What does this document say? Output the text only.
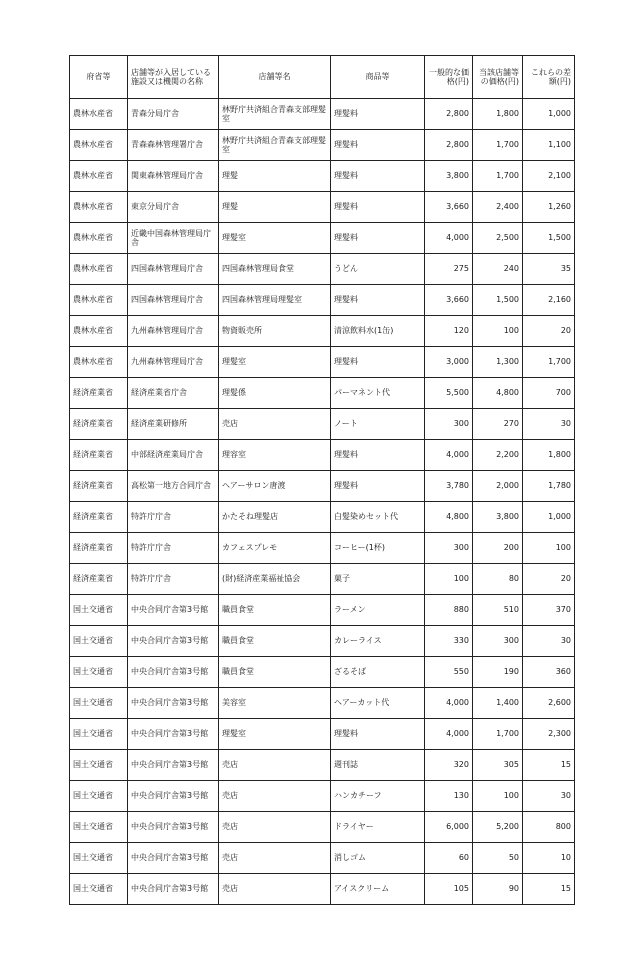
府省等	店舗等が入居している施設又は機関の名称	店舗等名	商品等	一般的な価格(円)	当該店舗等の価格(円)	これらの差額(円)
農林水産省	青森分局庁舎	林野庁共済組合青森支部理髪室	理髪料	2,800	1,800	1,000
農林水産省	青森森林管理署庁舎	林野庁共済組合青森支部理髪室	理髪料	2,800	1,700	1,100
農林水産省	関東森林管理局庁舎	理髪	理髪料	3,800	1,700	2,100
農林水産省	東京分局庁舎	理髪	理髪料	3,660	2,400	1,260
農林水産省	近畿中国森林管理局庁舎	理髪室	理髪料	4,000	2,500	1,500
農林水産省	四国森林管理局庁舎	四国森林管理局食堂	うどん	275	240	35
農林水産省	四国森林管理局庁舎	四国森林管理局理髪室	理髪料	3,660	1,500	2,160
農林水産省	九州森林管理局庁舎	物資販売所	清涼飲料水(1缶)	120	100	20
農林水産省	九州森林管理局庁舎	理髪室	理髪料	3,000	1,300	1,700
経済産業省	経済産業省庁舎	理髪係	パーマネント代	5,500	4,800	700
経済産業省	経済産業研修所	売店	ノート	300	270	30
経済産業省	中部経済産業局庁舎	理容室	理髪料	4,000	2,200	1,800
経済産業省	高松第一地方合同庁舎	ヘアーサロン唐渡	理髪料	3,780	2,000	1,780
経済産業省	特許庁庁舎	かたそね理髪店	白髪染めセット代	4,800	3,800	1,000
経済産業省	特許庁庁舎	カフェスプレモ	コーヒー(1杯)	300	200	100
経済産業省	特許庁庁舎	(財)経済産業福祉協会	菓子	100	80	20
国土交通省	中央合同庁舎第3号館	職員食堂	ラーメン	880	510	370
国土交通省	中央合同庁舎第3号館	職員食堂	カレーライス	330	300	30
国土交通省	中央合同庁舎第3号館	職員食堂	ざるそば	550	190	360
国土交通省	中央合同庁舎第3号館	美容室	ヘアーカット代	4,000	1,400	2,600
国土交通省	中央合同庁舎第3号館	理髪室	理髪料	4,000	1,700	2,300
国土交通省	中央合同庁舎第3号館	売店	週刊誌	320	305	15
国土交通省	中央合同庁舎第3号館	売店	ハンカチーフ	130	100	30
国土交通省	中央合同庁舎第3号館	売店	ドライヤー	6,000	5,200	800
国土交通省	中央合同庁舎第3号館	売店	消しゴム	60	50	10
国土交通省	中央合同庁舎第3号館	売店	アイスクリーム	105	90	15
